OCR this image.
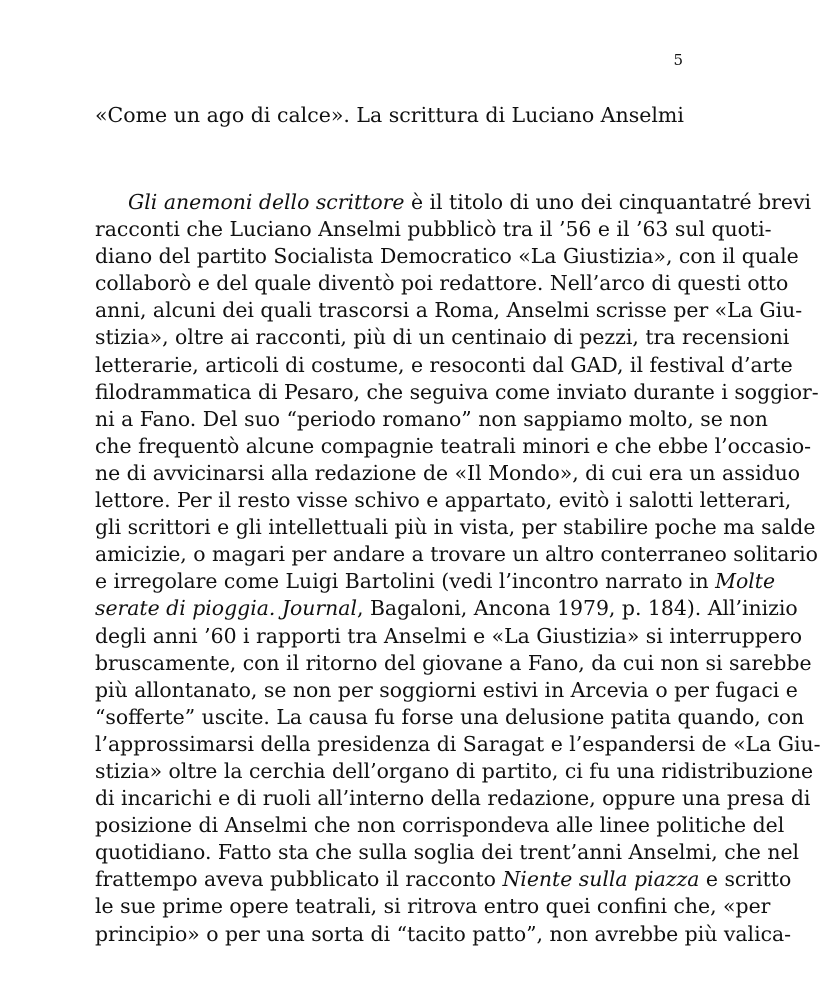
5
«Come un ago di calce». La scrittura di Luciano Anselmi

Gli anemoni dello scrittore è il titolo di uno dei cinquantatré brevi
racconti che Luciano Anselmi pubblicò tra il ’56 e il ’63 sul quoti-
diano del partito Socialista Democratico «La Giustizia», con il quale
collaborò e del quale diventò poi redattore. Nell’arco di questi otto
anni, alcuni dei quali trascorsi a Roma, Anselmi scrisse per «La Giu-
stizia», oltre ai racconti, più di un centinaio di pezzi, tra recensioni
letterarie, articoli di costume, e resoconti dal GAD, il festival d’arte
filodrammatica di Pesaro, che seguiva come inviato durante i soggior-
ni a Fano. Del suo “periodo romano” non sappiamo molto, se non
che frequentò alcune compagnie teatrali minori e che ebbe l’occasio-
ne di avvicinarsi alla redazione de «Il Mondo», di cui era un assiduo
lettore. Per il resto visse schivo e appartato, evitò i salotti letterari,
gli scrittori e gli intellettuali più in vista, per stabilire poche ma salde
amicizie, o magari per andare a trovare un altro conterraneo solitario
e irregolare come Luigi Bartolini (vedi l’incontro narrato in Molte
serate di pioggia. Journal, Bagaloni, Ancona 1979, p. 184). All’inizio
degli anni ’60 i rapporti tra Anselmi e «La Giustizia» si interruppero
bruscamente, con il ritorno del giovane a Fano, da cui non si sarebbe
più allontanato, se non per soggiorni estivi in Arcevia o per fugaci e
“sofferte” uscite. La causa fu forse una delusione patita quando, con
l’approssimarsi della presidenza di Saragat e l’espandersi de «La Giu-
stizia» oltre la cerchia dell’organo di partito, ci fu una ridistribuzione
di incarichi e di ruoli all’interno della redazione, oppure una presa di
posizione di Anselmi che non corrispondeva alle linee politiche del
quotidiano. Fatto sta che sulla soglia dei trent’anni Anselmi, che nel
frattempo aveva pubblicato il racconto Niente sulla piazza e scritto
le sue prime opere teatrali, si ritrova entro quei confini che, «per
principio» o per una sorta di “tacito patto”, non avrebbe più valica-
